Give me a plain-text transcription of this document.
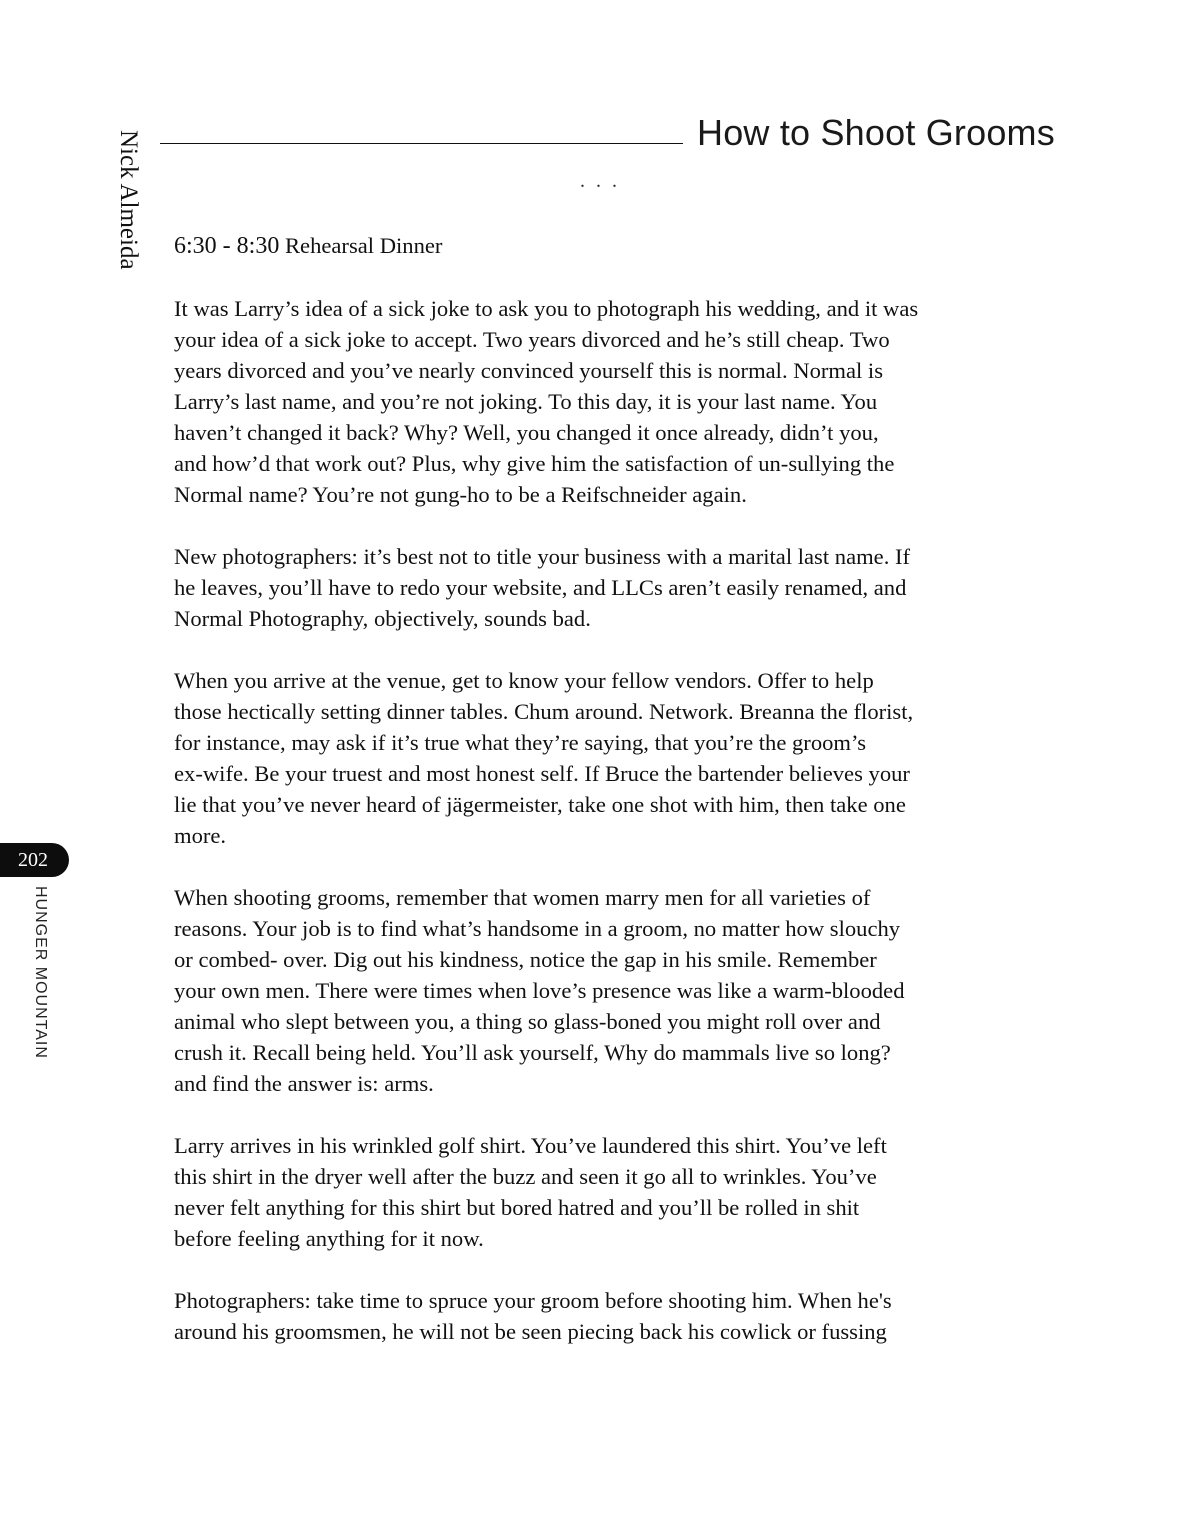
How to Shoot Grooms
. . .
Nick Almeida
202
HUNGER MOUNTAIN
6:30 - 8:30 Rehearsal Dinner

It was Larry’s idea of a sick joke to ask you to photograph his wedding, and it was
your idea of a sick joke to accept. Two years divorced and he’s still cheap. Two
years divorced and you’ve nearly convinced yourself this is normal. Normal is
Larry’s last name, and you’re not joking. To this day, it is your last name. You
haven’t changed it back? Why? Well, you changed it once already, didn’t you,
and how’d that work out? Plus, why give him the satisfaction of un-sullying the
Normal name? You’re not gung-ho to be a Reifschneider again.

New photographers: it’s best not to title your business with a marital last name. If
he leaves, you’ll have to redo your website, and LLCs aren’t easily renamed, and
Normal Photography, objectively, sounds bad.

When you arrive at the venue, get to know your fellow vendors. Offer to help
those hectically setting dinner tables. Chum around. Network. Breanna the florist,
for instance, may ask if it’s true what they’re saying, that you’re the groom’s
ex-wife. Be your truest and most honest self. If Bruce the bartender believes your
lie that you’ve never heard of jägermeister, take one shot with him, then take one
more.

When shooting grooms, remember that women marry men for all varieties of
reasons. Your job is to find what’s handsome in a groom, no matter how slouchy
or combed- over. Dig out his kindness, notice the gap in his smile. Remember
your own men. There were times when love’s presence was like a warm-blooded
animal who slept between you, a thing so glass-boned you might roll over and
crush it. Recall being held. You’ll ask yourself, Why do mammals live so long?
and find the answer is: arms.

Larry arrives in his wrinkled golf shirt. You’ve laundered this shirt. You’ve left
this shirt in the dryer well after the buzz and seen it go all to wrinkles. You’ve
never felt anything for this shirt but bored hatred and you’ll be rolled in shit
before feeling anything for it now.

Photographers: take time to spruce your groom before shooting him. When he's
around his groomsmen, he will not be seen piecing back his cowlick or fussing
